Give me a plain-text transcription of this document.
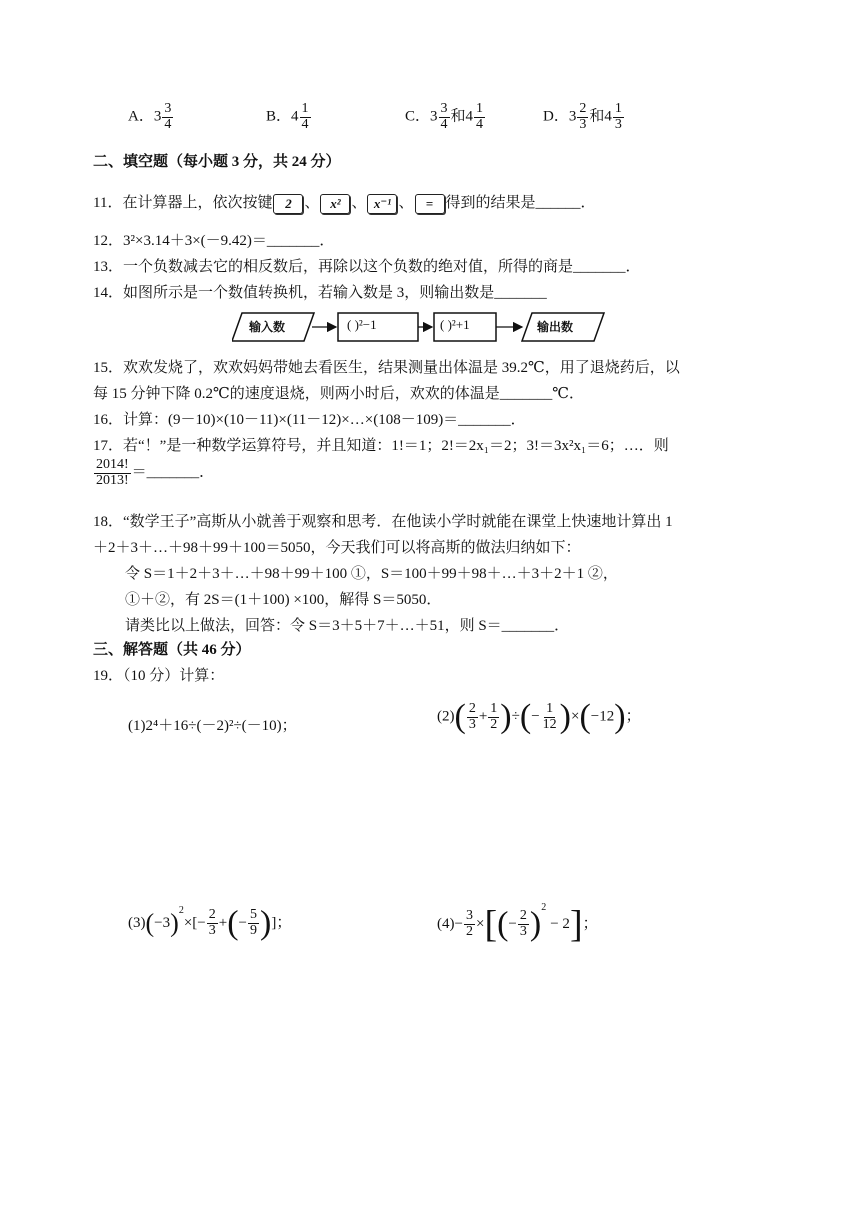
A．$3 \frac{3}{4}$	B．$4 \frac{1}{4}$	C．$3 \frac{3}{4}$ 和$4 \frac{1}{4}$	D．$3 \frac{2}{3}$ 和$4 \frac{1}{3}$
二、填空题（每小题 3 分，共 24 分）
11．在计算器上，依次按键 2 、 x² 、 x⁻¹ 、 = 得到的结果是______．
12．3²×3.14＋3×(－9.42)＝_______．
13．一个负数减去它的相反数后，再除以这个负数的绝对值，所得的商是_______．
14．如图所示是一个数值转换机，若输入数是 3，则输出数是_______
输入数	( )²−1	( )²+1	输出数
15．欢欢发烧了，欢欢妈妈带她去看医生，结果测量出体温是 39.2℃，用了退烧药后，以
每 15 分钟下降 0.2℃的速度退烧，则两小时后，欢欢的体温是_______℃．
16．计算：(9－10)×(10－11)×(11－12)×…×(108－109)＝_______．
17．若“！”是一种数学运算符号，并且知道：1!＝1；2!＝2x₁＝2；3!＝3x²x₁＝6；…．则
$\frac{2014!}{2013!}$ ＝_______．
18．“数学王子”高斯从小就善于观察和思考．在他读小学时就能在课堂上快速地计算出 1
＋2＋3＋…＋98＋99＋100＝5050，今天我们可以将高斯的做法归纳如下：
令 S＝1＋2＋3＋…＋98＋99＋100 ①，S＝100＋99＋98＋…＋3＋2＋1 ②，
①＋②，有 2S＝(1＋100) ×100，解得 S＝5050．
请类比以上做法，回答：令 S＝3＋5＋7＋…＋51，则 S＝_______．
三、解答题（共 46 分）
19．（10 分）计算：
(1)2⁴＋16÷(－2)²÷(－10)；
$(2)( \frac{2}{3} + \frac{1}{2}$ )÷(− $\frac{1}{12} )\times(-12)$；
$(3)(-3)^2\times[- \frac{2}{3}$ +(− $\frac{5}{9}$ )]；	$(4)- \frac{3}{2}$ ×[(− $\frac{2}{3} )^2- 2$]；
